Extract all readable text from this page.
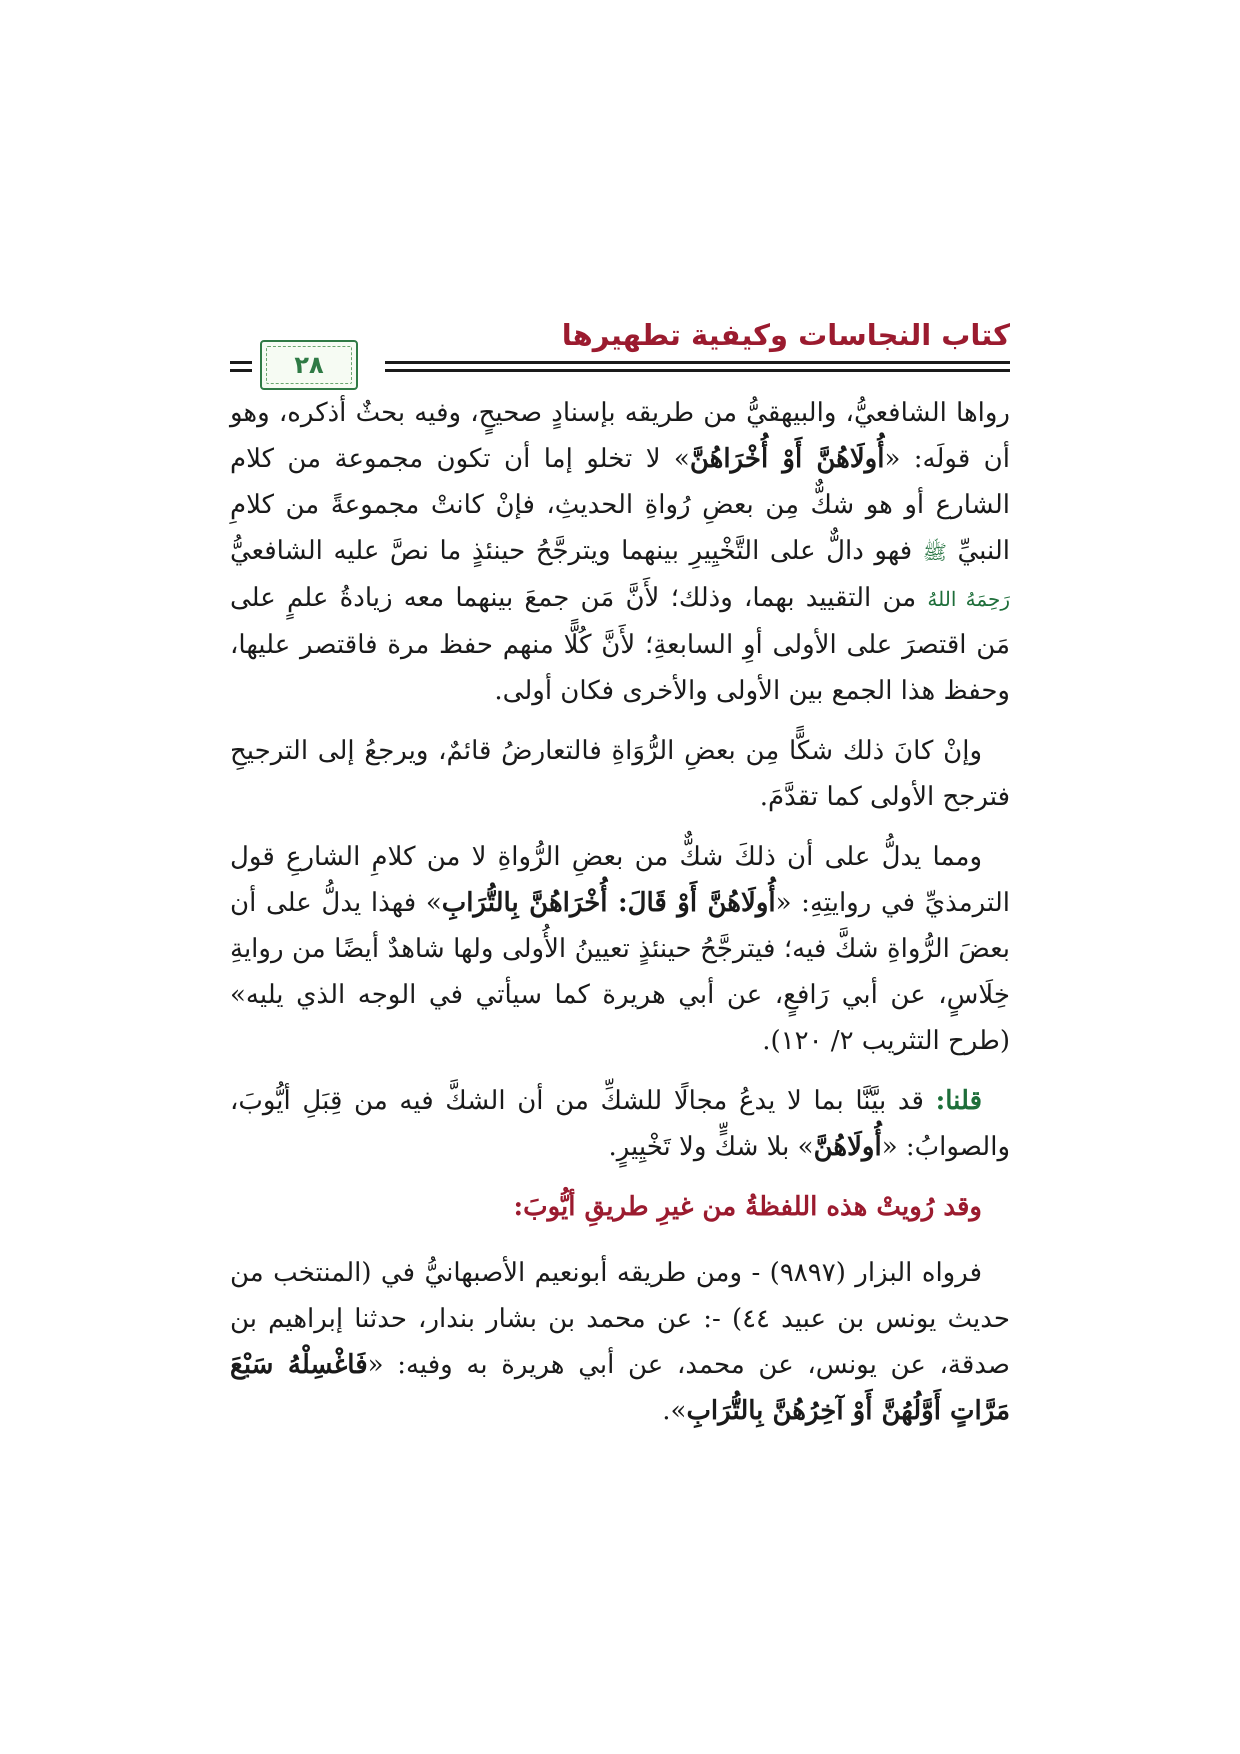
كتاب النجاسات وكيفية تطهيرها
٢٨

رواها الشافعيُّ، والبيهقيُّ من طريقه بإسنادٍ صحيحٍ، وفيه بحثٌ أذكره، وهو أن قولَه: «أُولَاهُنَّ أَوْ أُخْرَاهُنَّ» لا تخلو إما أن تكون مجموعة من كلام الشارع أو هو شكٌّ مِن بعضِ رُواةِ الحديثِ، فإنْ كانتْ مجموعةً من كلامِ النبيِّ ﷺ فهو دالٌّ على التَّخْيِيرِ بينهما ويترجَّحُ حينئذٍ ما نصَّ عليه الشافعيُّ رَحِمَهُ اللهُ من التقييد بهما، وذلك؛ لأَنَّ مَن جمعَ بينهما معه زيادةُ علمٍ على مَن اقتصرَ على الأولى أوِ السابعةِ؛ لأَنَّ كُلًّا منهم حفظ مرة فاقتصر عليها، وحفظ هذا الجمع بين الأولى والأخرى فكان أولى.

وإنْ كانَ ذلك شكًّا مِن بعضِ الرُّوَاةِ فالتعارضُ قائمٌ، ويرجعُ إلى الترجيحِ فترجح الأولى كما تقدَّمَ.

ومما يدلُّ على أن ذلكَ شكٌّ من بعضِ الرُّواةِ لا من كلامِ الشارعِ قول الترمذيِّ في روايتِهِ: «أُولَاهُنَّ أَوْ قَالَ: أُخْرَاهُنَّ بِالتُّرَابِ» فهذا يدلُّ على أن بعضَ الرُّواةِ شكَّ فيه؛ فيترجَّحُ حينئذٍ تعيينُ الأُولى ولها شاهدٌ أيضًا من روايةِ خِلَاسٍ، عن أبي رَافعٍ، عن أبي هريرة كما سيأتي في الوجه الذي يليه» (طرح التثريب ٢/ ١٢٠).

قلنا: قد بيَّنَّا بما لا يدعُ مجالًا للشكِّ من أن الشكَّ فيه من قِبَلِ أيُّوبَ، والصوابُ: «أُولَاهُنَّ» بلا شكٍّ ولا تَخْيِيرٍ.

وقد رُويتْ هذه اللفظةُ من غيرِ طريقِ أيُّوبَ:

فرواه البزار (٩٨٩٧) - ومن طريقه أبونعيم الأصبهانيُّ في (المنتخب من حديث يونس بن عبيد ٤٤) -: عن محمد بن بشار بندار، حدثنا إبراهيم بن صدقة، عن يونس، عن محمد، عن أبي هريرة به وفيه: «فَاغْسِلْهُ سَبْعَ مَرَّاتٍ أَوَّلُهُنَّ أَوْ آخِرُهُنَّ بِالتُّرَابِ».
